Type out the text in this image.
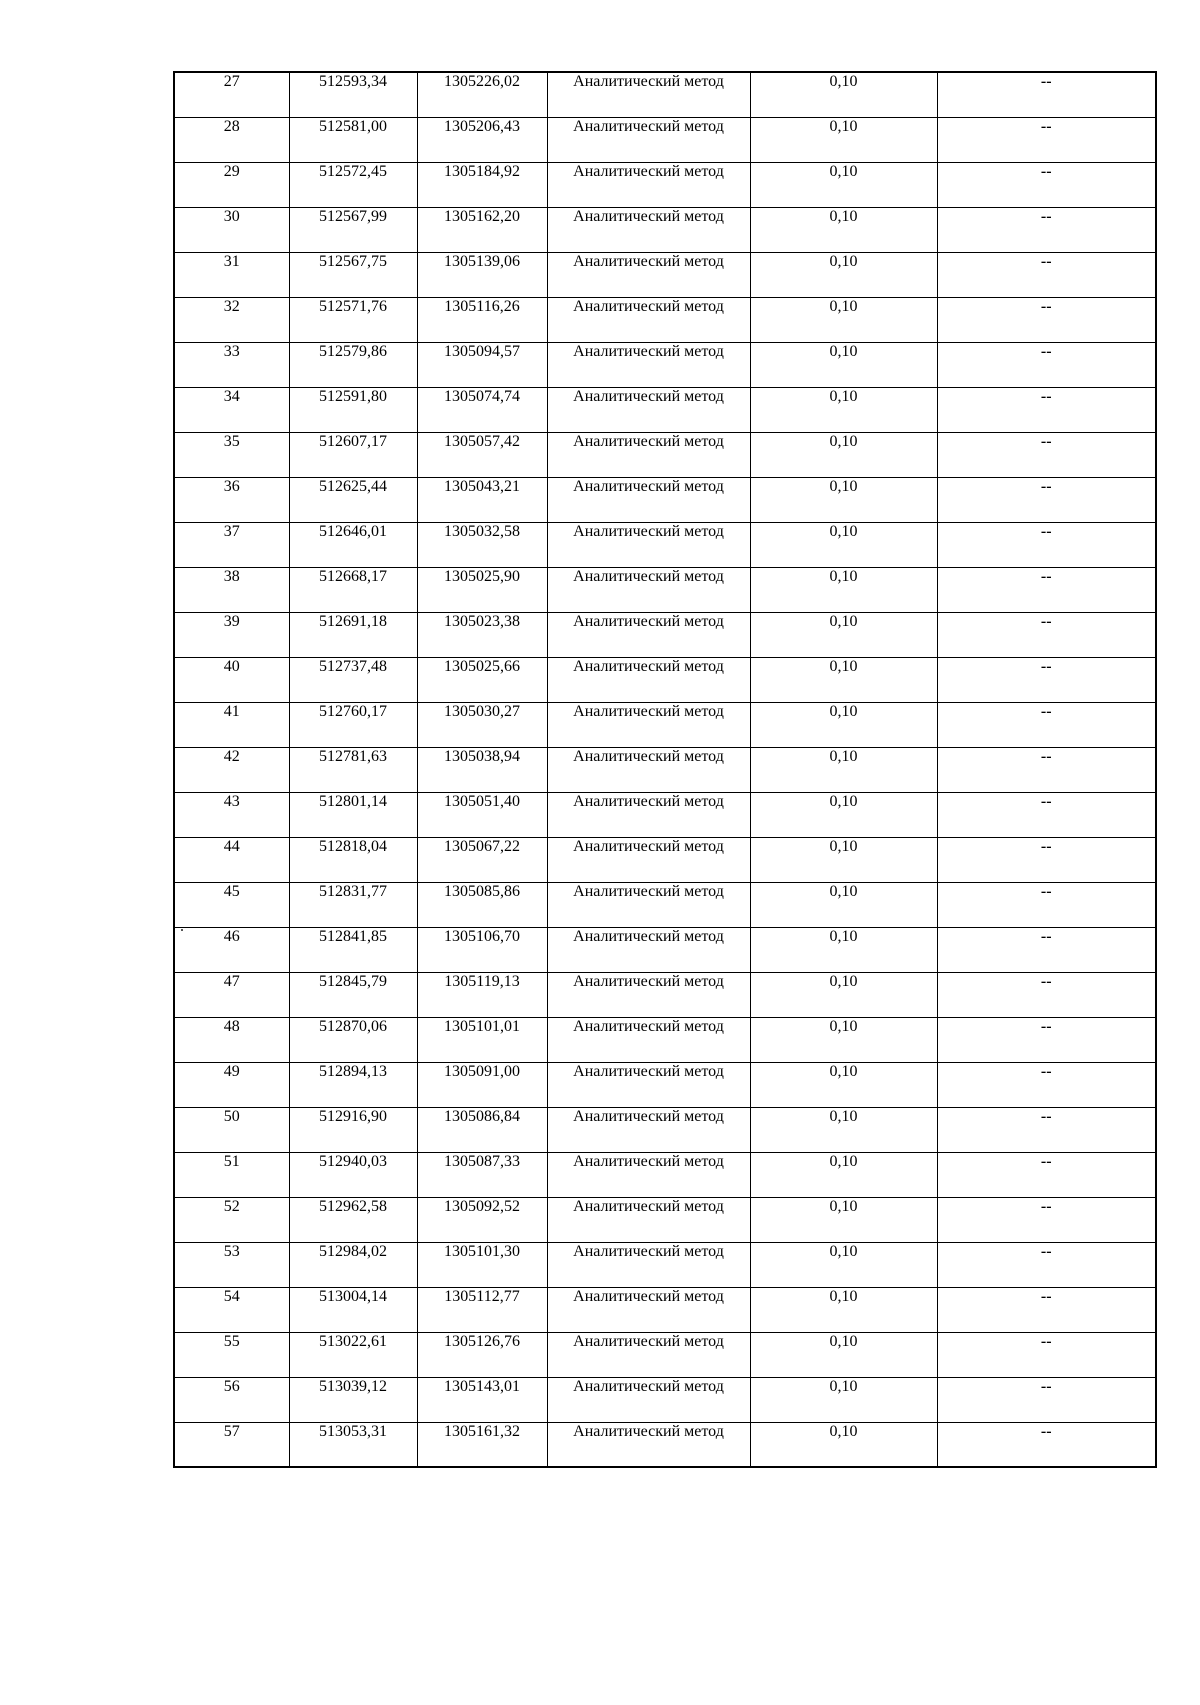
27	512593,34	1305226,02	Аналитический метод	0,10	--
28	512581,00	1305206,43	Аналитический метод	0,10	--
29	512572,45	1305184,92	Аналитический метод	0,10	--
30	512567,99	1305162,20	Аналитический метод	0,10	--
31	512567,75	1305139,06	Аналитический метод	0,10	--
32	512571,76	1305116,26	Аналитический метод	0,10	--
33	512579,86	1305094,57	Аналитический метод	0,10	--
34	512591,80	1305074,74	Аналитический метод	0,10	--
35	512607,17	1305057,42	Аналитический метод	0,10	--
36	512625,44	1305043,21	Аналитический метод	0,10	--
37	512646,01	1305032,58	Аналитический метод	0,10	--
38	512668,17	1305025,90	Аналитический метод	0,10	--
39	512691,18	1305023,38	Аналитический метод	0,10	--
40	512737,48	1305025,66	Аналитический метод	0,10	--
41	512760,17	1305030,27	Аналитический метод	0,10	--
42	512781,63	1305038,94	Аналитический метод	0,10	--
43	512801,14	1305051,40	Аналитический метод	0,10	--
44	512818,04	1305067,22	Аналитический метод	0,10	--
45	512831,77	1305085,86	Аналитический метод	0,10	--
46	512841,85	1305106,70	Аналитический метод	0,10	--
47	512845,79	1305119,13	Аналитический метод	0,10	--
48	512870,06	1305101,01	Аналитический метод	0,10	--
49	512894,13	1305091,00	Аналитический метод	0,10	--
50	512916,90	1305086,84	Аналитический метод	0,10	--
51	512940,03	1305087,33	Аналитический метод	0,10	--
52	512962,58	1305092,52	Аналитический метод	0,10	--
53	512984,02	1305101,30	Аналитический метод	0,10	--
54	513004,14	1305112,77	Аналитический метод	0,10	--
55	513022,61	1305126,76	Аналитический метод	0,10	--
56	513039,12	1305143,01	Аналитический метод	0,10	--
57	513053,31	1305161,32	Аналитический метод	0,10	--
